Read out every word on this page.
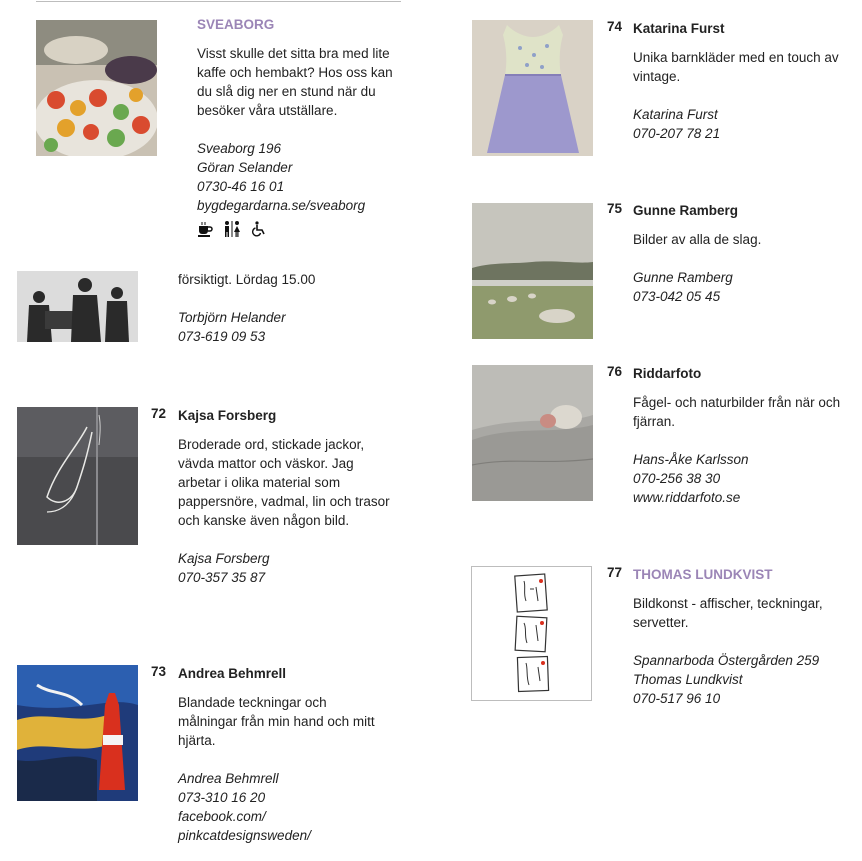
SVEABORG
Visst skulle det sitta bra med lite kaffe och hembakt? Hos oss kan du slå dig ner en stund när du besöker våra utställare.
Sveaborg 196
Göran Selander
0730-46 16 01
bygdegardarna.se/sveaborg
försiktigt. Lördag 15.00
Torbjörn Helander
073-619 09 53
72 Kajsa Forsberg
Broderade ord, stickade jackor, vävda mattor och väskor. Jag arbetar i olika material som pappersnöre, vadmal, lin och trasor och kanske även någon bild.
Kajsa Forsberg
070-357 35 87
73 Andrea Behmrell
Blandade teckningar och målningar från min hand och mitt hjärta.
Andrea Behmrell
073-310 16 20
facebook.com/
pinkcatdesignsweden/
74 Katarina Furst
Unika barnkläder med en touch av vintage.
Katarina Furst
070-207 78 21
75 Gunne Ramberg
Bilder av alla de slag.
Gunne Ramberg
073-042 05 45
76 Riddarfoto
Fågel- och naturbilder från när och fjärran.
Hans-Åke Karlsson
070-256 38 30
www.riddarfoto.se
77 THOMAS LUNDKVIST
Bildkonst - affischer, teckningar, servetter.
Spannarboda Östergården 259
Thomas Lundkvist
070-517 96 10
